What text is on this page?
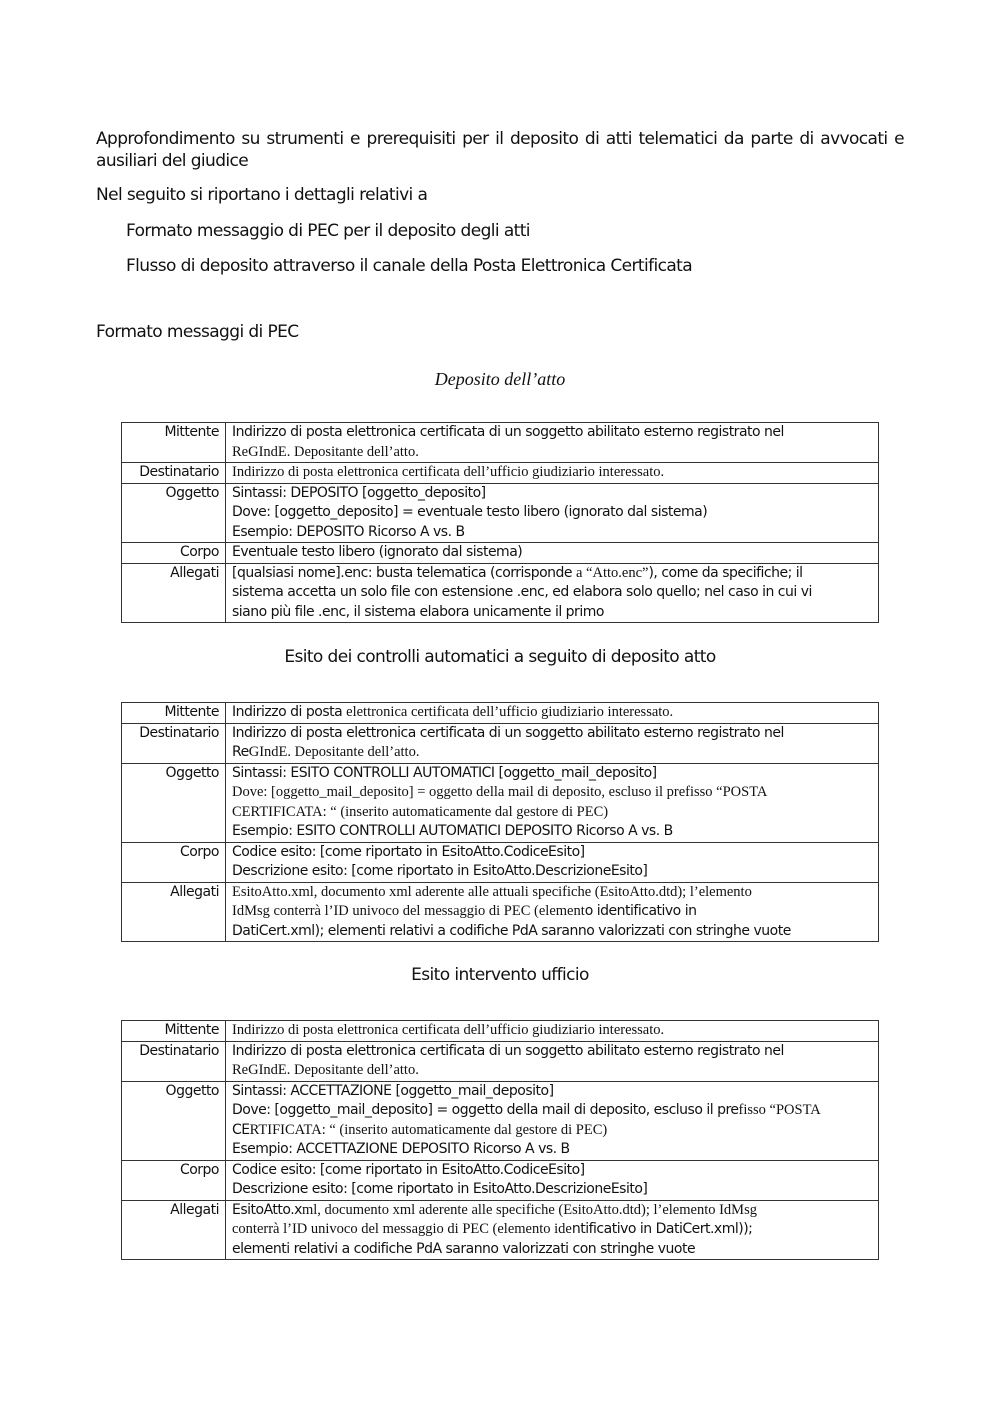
Approfondimento su strumenti e prerequisiti per il deposito di atti telematici da parte di avvocati e ausiliari del giudice
Nel seguito si riportano i dettagli relativi a
Formato messaggio di PEC per il deposito degli atti
Flusso di deposito attraverso il canale della Posta Elettronica Certificata
Formato messaggi di PEC
Deposito dell’atto
Mittente	Indirizzo di posta elettronica certificata di un soggetto abilitato esterno registrato nel
ReGIndE. Depositante dell’atto.

Destinatario	Indirizzo di posta elettronica certificata dell’ufficio giudiziario interessato.

Oggetto	Sintassi: DEPOSITO [oggetto_deposito]
Dove: [oggetto_deposito] = eventuale testo libero (ignorato dal sistema)
Esempio: DEPOSITO Ricorso A vs. B

Corpo	Eventuale testo libero (ignorato dal sistema)

Allegati	[qualsiasi nome].enc: busta telematica (corrisponde a “Atto.enc”), come da specifiche; il
sistema accetta un solo file con estensione .enc, ed elabora solo quello; nel caso in cui vi
siano più file .enc, il sistema elabora unicamente il primo
Esito dei controlli automatici a seguito di deposito atto
Mittente	Indirizzo di posta elettronica certificata dell’ufficio giudiziario interessato.

Destinatario	Indirizzo di posta elettronica certificata di un soggetto abilitato esterno registrato nel
ReGIndE. Depositante dell’atto.

Oggetto	Sintassi: ESITO CONTROLLI AUTOMATICI [oggetto_mail_deposito]
Dove: [oggetto_mail_deposito] = oggetto della mail di deposito, escluso il prefisso “POSTA
CERTIFICATA: “ (inserito automaticamente dal gestore di PEC)
Esempio: ESITO CONTROLLI AUTOMATICI DEPOSITO Ricorso A vs. B

Corpo	Codice esito: [come riportato in EsitoAtto.CodiceEsito]
Descrizione esito: [come riportato in EsitoAtto.DescrizioneEsito]

Allegati	EsitoAtto.xml, documento xml aderente alle attuali specifiche (EsitoAtto.dtd); l’elemento
IdMsg conterrà l’ID univoco del messaggio di PEC (elemento identificativo in
DatiCert.xml); elementi relativi a codifiche PdA saranno valorizzati con stringhe vuote
Esito intervento ufficio
Mittente	Indirizzo di posta elettronica certificata dell’ufficio giudiziario interessato.

Destinatario	Indirizzo di posta elettronica certificata di un soggetto abilitato esterno registrato nel
ReGIndE. Depositante dell’atto.

Oggetto	Sintassi: ACCETTAZIONE [oggetto_mail_deposito]
Dove: [oggetto_mail_deposito] = oggetto della mail di deposito, escluso il prefisso “POSTA
CERTIFICATA: “ (inserito automaticamente dal gestore di PEC)
Esempio: ACCETTAZIONE DEPOSITO Ricorso A vs. B

Corpo	Codice esito: [come riportato in EsitoAtto.CodiceEsito]
Descrizione esito: [come riportato in EsitoAtto.DescrizioneEsito]

Allegati	EsitoAtto.xml, documento xml aderente alle specifiche (EsitoAtto.dtd); l’elemento IdMsg
conterrà l’ID univoco del messaggio di PEC (elemento identificativo in DatiCert.xml));
elementi relativi a codifiche PdA saranno valorizzati con stringhe vuote
